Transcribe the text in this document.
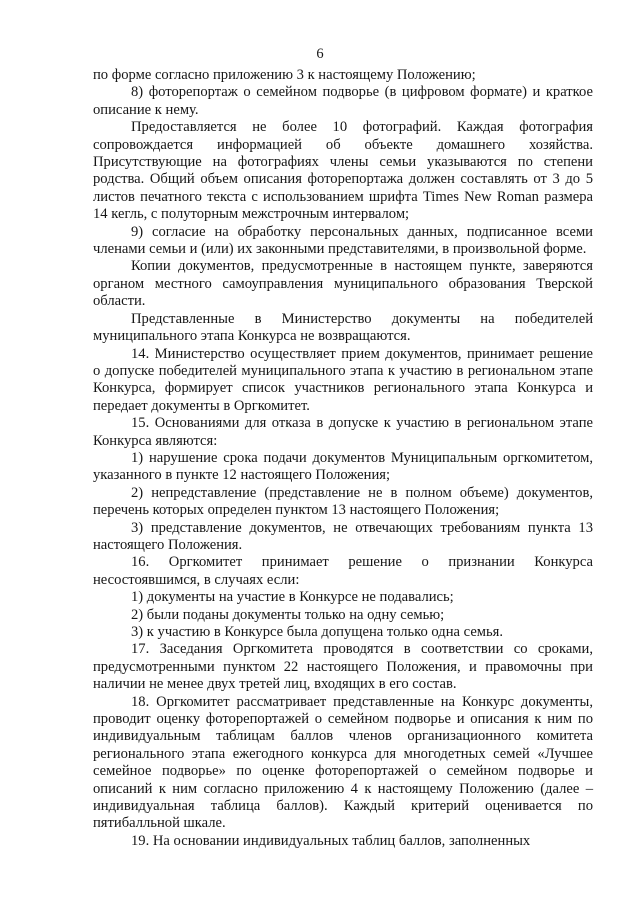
6

по форме согласно приложению 3 к настоящему Положению;

8) фоторепортаж о семейном подворье (в цифровом формате) и краткое описание к нему.

Предоставляется не более 10 фотографий. Каждая фотография сопровождается информацией об объекте домашнего хозяйства. Присутствующие на фотографиях члены семьи указываются по степени родства. Общий объем описания фоторепортажа должен составлять от 3 до 5 листов печатного текста с использованием шрифта Times New Roman размера 14 кегль, с полуторным межстрочным интервалом;

9) согласие на обработку персональных данных, подписанное всеми членами семьи и (или) их законными представителями, в произвольной форме.

Копии документов, предусмотренные в настоящем пункте, заверяются органом местного самоуправления муниципального образования Тверской области.

Представленные в Министерство документы на победителей муниципального этапа Конкурса не возвращаются.

14. Министерство осуществляет прием документов, принимает решение о допуске победителей муниципального этапа к участию в региональном этапе Конкурса, формирует список участников регионального этапа Конкурса и передает документы в Оргкомитет.

15. Основаниями для отказа в допуске к участию в региональном этапе Конкурса являются:

1) нарушение срока подачи документов Муниципальным оргкомитетом, указанного в пункте 12 настоящего Положения;

2) непредставление (представление не в полном объеме) документов, перечень которых определен пунктом 13 настоящего Положения;

3) представление документов, не отвечающих требованиям пункта 13 настоящего Положения.

16. Оргкомитет принимает решение о признании Конкурса несостоявшимся, в случаях если:

1) документы на участие в Конкурсе не подавались;

2) были поданы документы только на одну семью;

3) к участию в Конкурсе была допущена только одна семья.

17. Заседания Оргкомитета проводятся в соответствии со сроками, предусмотренными пунктом 22 настоящего Положения, и правомочны при наличии не менее двух третей лиц, входящих в его состав.

18. Оргкомитет рассматривает представленные на Конкурс документы, проводит оценку фоторепортажей о семейном подворье и описания к ним по индивидуальным таблицам баллов членов организационного комитета регионального этапа ежегодного конкурса для многодетных семей «Лучшее семейное подворье» по оценке фоторепортажей о семейном подворье и описаний к ним согласно приложению 4 к настоящему Положению (далее – индивидуальная таблица баллов). Каждый критерий оценивается по пятибалльной шкале.

19. На основании индивидуальных таблиц баллов, заполненных
